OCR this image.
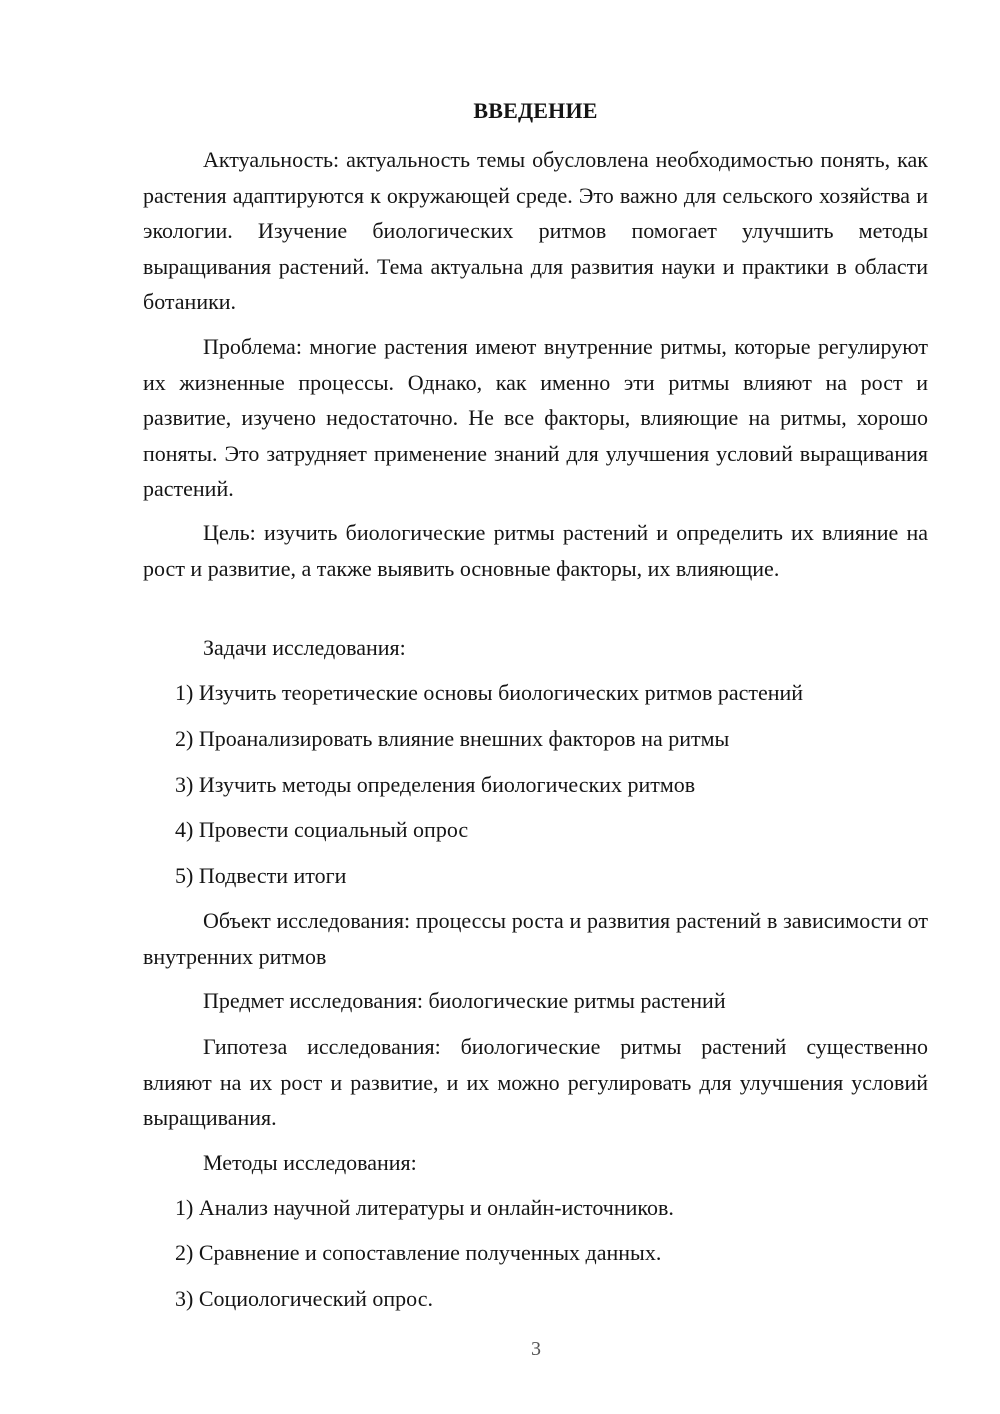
ВВЕДЕНИЕ

Актуальность: актуальность темы обусловлена необходимостью понять, как растения адаптируются к окружающей среде. Это важно для сельского хозяйства и экологии. Изучение биологических ритмов помогает улучшить методы выращивания растений. Тема актуальна для развития науки и практики в области ботаники.

Проблема: многие растения имеют внутренние ритмы, которые регулируют их жизненные процессы. Однако, как именно эти ритмы влияют на рост и развитие, изучено недостаточно. Не все факторы, влияющие на ритмы, хорошо поняты. Это затрудняет применение знаний для улучшения условий выращивания растений.

Цель: изучить биологические ритмы растений и определить их влияние на рост и развитие, а также выявить основные факторы, их влияющие.

Задачи исследования:

1) Изучить теоретические основы биологических ритмов растений
2) Проанализировать влияние внешних факторов на ритмы
3) Изучить методы определения биологических ритмов
4) Провести социальный опрос
5) Подвести итоги

Объект исследования: процессы роста и развития растений в зависимости от внутренних ритмов

Предмет исследования: биологические ритмы растений

Гипотеза исследования: биологические ритмы растений существенно влияют на их рост и развитие, и их можно регулировать для улучшения условий выращивания.

Методы исследования:

1) Анализ научной литературы и онлайн-источников.
2) Сравнение и сопоставление полученных данных.
3) Социологический опрос.
3
